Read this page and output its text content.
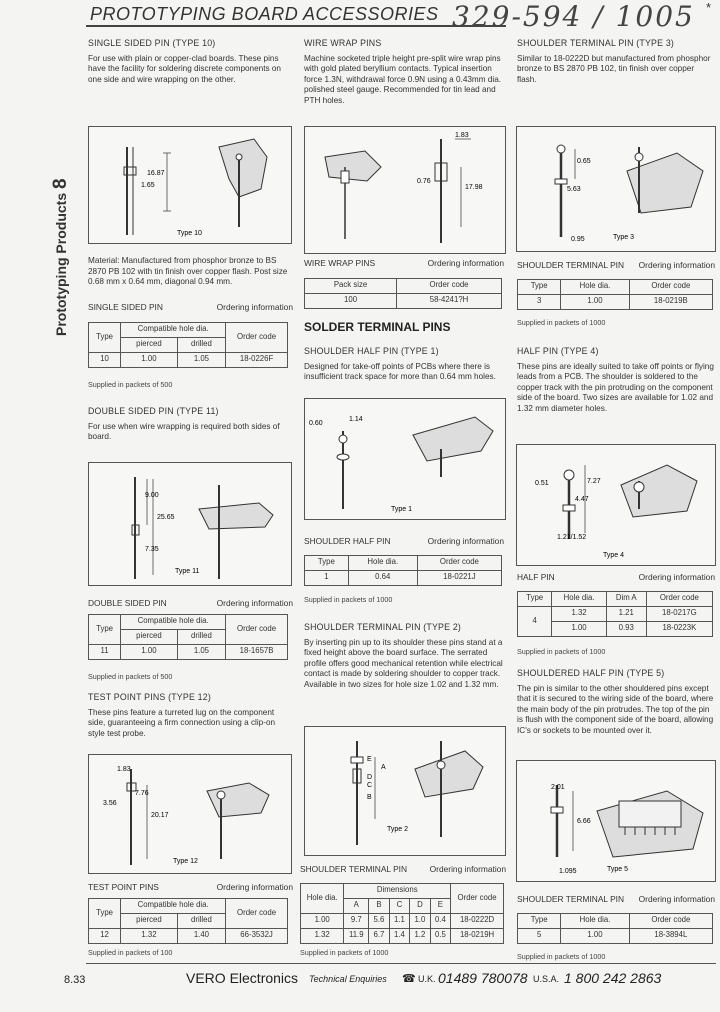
PROTOTYPING BOARD ACCESSORIES 329-594 / 1005 *
Prototyping Products 8
SINGLE SIDED PIN (TYPE 10)

For use with plain or copper-clad boards. These pins have the facility for soldering discrete components on one side and wire wrapping on the other.

16.87
1.65
Type 10

Material: Manufactured from phosphor bronze to BS 2870 PB 102 with tin finish over copper flash. Post size 0.68 mm x 0.64 mm, diagonal 0.94 mm.

SINGLE SIDED PIN	Ordering information
Type	Compatible hole dia.		Order code
	pierced	drilled	
10	1.00	1.05	18-0226F
Supplied in packets of 500
DOUBLE SIDED PIN (TYPE 11)

For use when wire wrapping is required both sides of board.

9.00
25.65
7.35
Type 11
DOUBLE SIDED PIN	Ordering information
Type	Compatible hole dia.		Order code
	pierced	drilled	
11	1.00	1.05	18-1657B
Supplied in packets of 500
TEST POINT PINS (TYPE 12)

These pins feature a turreted lug on the component side, guaranteeing a firm connection using a clip-on style test probe.

1.83
7.76
3.56
20.17
Type 12
TEST POINT PINS	Ordering information
Type	Compatible hole dia.		Order code
	pierced	drilled	
12	1.32	1.40	66-3532J
Supplied in packets of 100
WIRE WRAP PINS

Machine socketed triple height pre-split wire wrap pins with gold plated beryllium contacts. Typical insertion force 1.3N, withdrawal force 0.9N using a 0.43mm dia. polished steel gauge. Recommended for tin lead and PTH holes.

1.83
0.76
17.98
WIRE WRAP PINS	Ordering information
Pack size	Order code
100	58-4241?H
SOLDER TERMINAL PINS
SHOULDER HALF PIN (TYPE 1)

Designed for take-off points of PCBs where there is insufficient track space for more than 0.64 mm holes.

0.60
1.14
Type 1
SHOULDER HALF PIN	Ordering information
Type	Hole dia.	Order code
1	0.64	18-0221J
Supplied in packets of 1000
SHOULDER TERMINAL PIN (TYPE 2)

By inserting pin up to its shoulder these pins stand at a fixed height above the board surface. The serrated profile offers good mechanical retention while electrical contact is made by soldering shoulder to copper track. Available in two sizes for hole size 1.02 and 1.32 mm.

E
A
D
C
B
Type 2
SHOULDER TERMINAL PIN	Ordering information
Hole dia.	Dimensions					Order code
	A	B	C	D	E	
1.00	9.7	5.6	1.1	1.0	0.4	18-0222D
1.32	11.9	6.7	1.4	1.2	0.5	18-0219H
Supplied in packets of 1000
SHOULDER TERMINAL PIN (TYPE 3)

Similar to 18-0222D but manufactured from phosphor bronze to BS 2870 PB 102, tin finish over copper flash.

0.65
5.63
0.95	Type 3
SHOULDER TERMINAL PIN Ordering information
Type	Hole dia.	Order code
3	1.00	18-0219B
Supplied in packets of 1000
HALF PIN (TYPE 4)

These pins are ideally suited to take off points or flying leads from a PCB. The shoulder is soldered to the copper track with the pin protruding on the component side of the board. Two sizes are available for 1.02 and 1.32 mm diameter holes.

0.51	7.27
4.47
1.21/1.52
Type 4
HALF PIN	Ordering information
Type	Hole dia.	Dim A	Order code
4	1.32	1.21	18-0217G
	1.00	0.93	18-0223K
Supplied in packets of 1000
SHOULDERED HALF PIN (TYPE 5)

The pin is similar to the other shouldered pins except that it is secured to the wiring side of the board, where the main body of the pin protrudes. The top of the pin is flush with the component side of the board, allowing IC's or sockets to be mounted over it.

2.01
6.66
1.095	Type 5
SHOULDER TERMINAL PIN Ordering information
Type	Hole dia.	Order code
5	1.00	18-3894L
Supplied in packets of 1000
8.33	VERO Electronics Technical Enquiries ☎ U.K. 01489 780078 U.S.A. 1 800 242 2863
